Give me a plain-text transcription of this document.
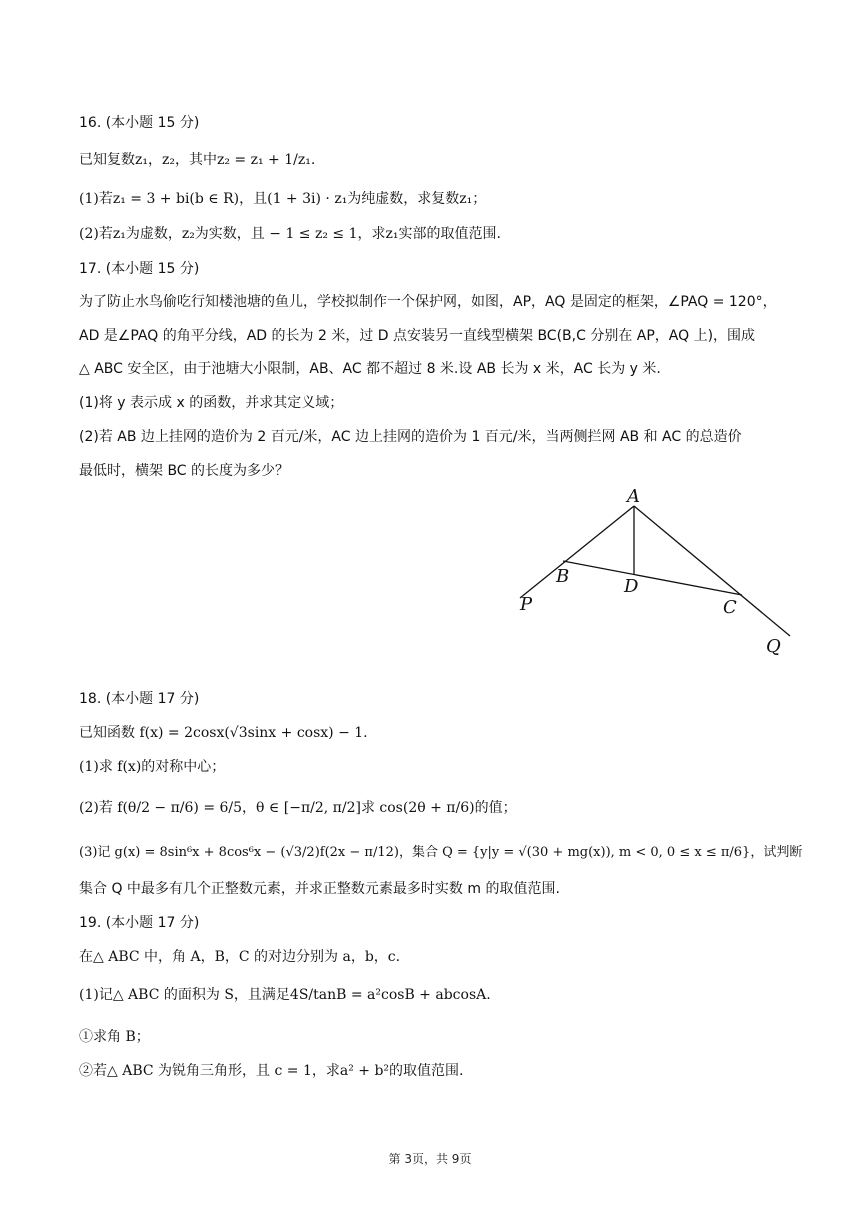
16. (本小题 15 分)
已知复数z₁，z₂，其中z₂ = z₁ + 1/z₁.
(1)若z₁ = 3 + bi(b ∈ R)，且(1 + 3i) · z₁为纯虚数，求复数z₁；
(2)若z₁为虚数，z₂为实数，且 − 1 ≤ z₂ ≤ 1，求z₁实部的取值范围.
17. (本小题 15 分)
为了防止水鸟偷吃行知楼池塘的鱼儿，学校拟制作一个保护网，如图，AP，AQ 是固定的框架，∠PAQ = 120°，
AD 是∠PAQ 的角平分线，AD 的长为 2 米，过 D 点安装另一直线型横架 BC(B,C 分别在 AP，AQ 上)，围成
△ ABC 安全区，由于池塘大小限制，AB、AC 都不超过 8 米.设 AB 长为 x 米，AC 长为 y 米.
(1)将 y 表示成 x 的函数，并求其定义域；
(2)若 AB 边上挂网的造价为 2 百元/米，AC 边上挂网的造价为 1 百元/米，当两侧拦网 AB 和 AC 的总造价
最低时，横架 BC 的长度为多少？
A
B	D
C
P
Q
18. (本小题 17 分)
已知函数 f(x) = 2cosx(√3sinx + cosx) − 1.
(1)求 f(x)的对称中心；
(2)若 f(θ/2 − π/6) = 6/5，θ ∈ [−π/2, π/2]求 cos(2θ + π/6)的值；
(3)记 g(x) = 8sin⁶x + 8cos⁶x − (√3/2)f(2x − π/12)，集合 Q = {y|y = √(30 + mg(x)), m < 0, 0 ≤ x ≤ π/6}，试判断
集合 Q 中最多有几个正整数元素，并求正整数元素最多时实数 m 的取值范围.
19. (本小题 17 分)
在△ ABC 中，角 A，B，C 的对边分别为 a，b，c.
(1)记△ ABC 的面积为 S，且满足4S/tanB = a²cosB + abcosA.
①求角 B；
②若△ ABC 为锐角三角形，且 c = 1，求a² + b²的取值范围.
第 3页，共 9页
